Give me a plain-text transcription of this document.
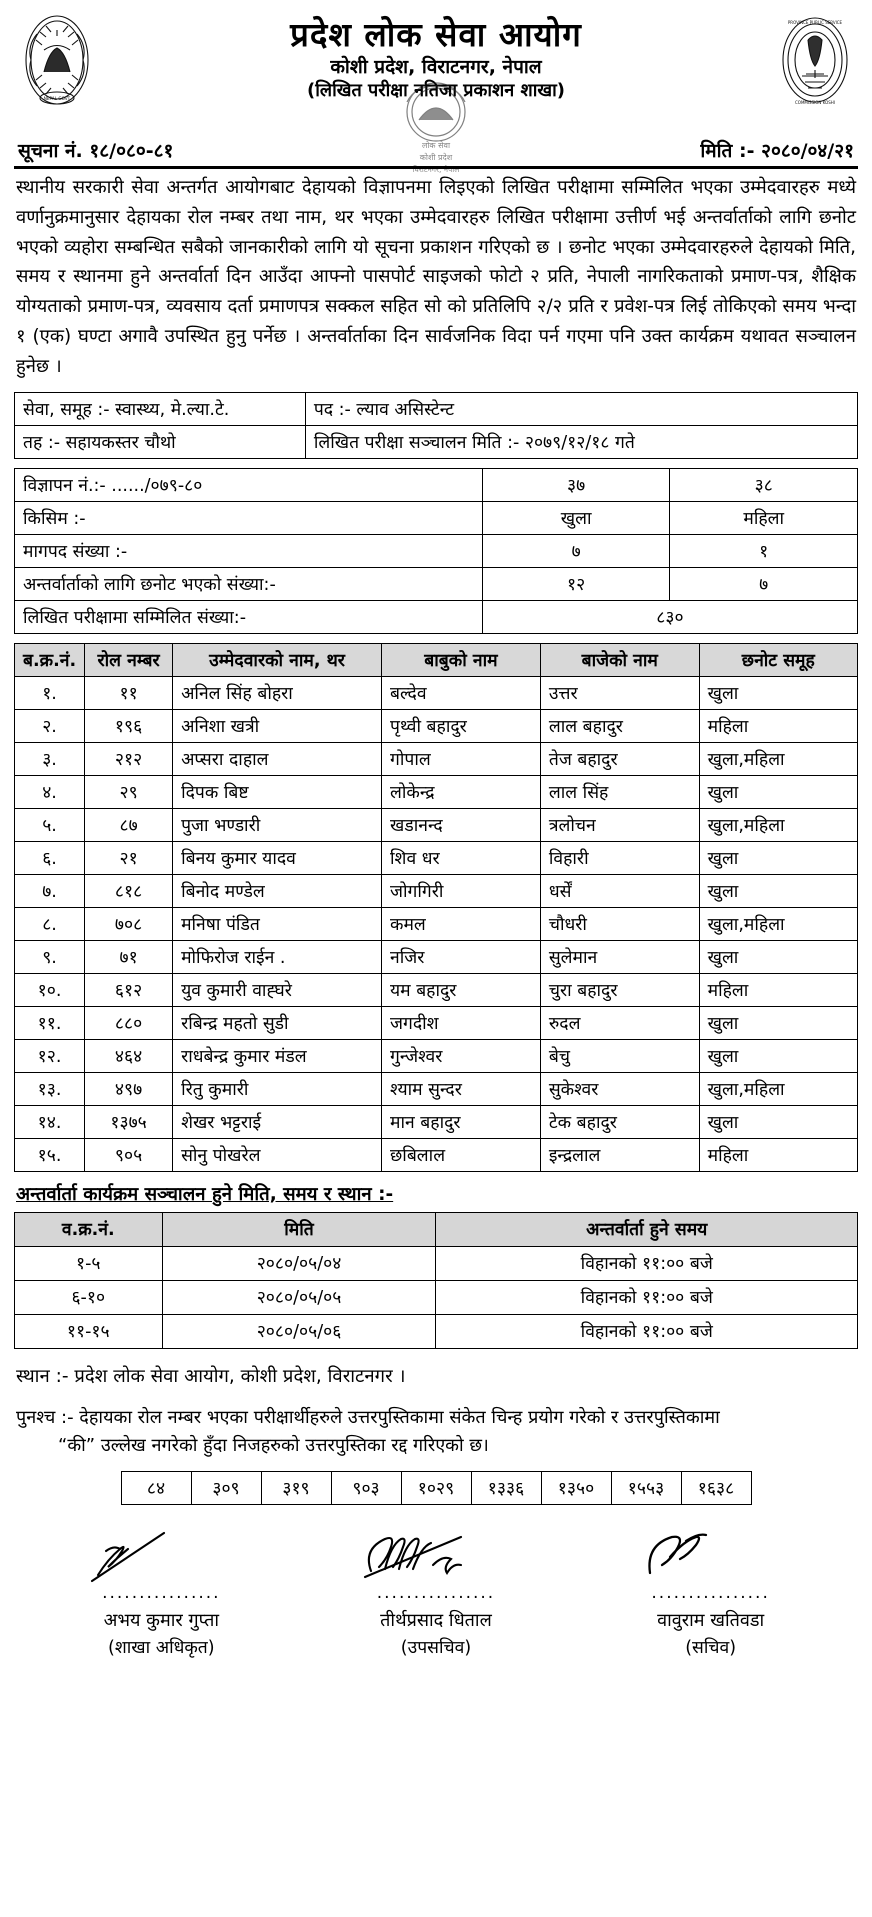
NEPAL GOVT
लोक सेवा
कोशी प्रदेश
विराटनगर, नेपाल
प्रदेश लोक सेवा आयोग
कोशी प्रदेश, विराटनगर, नेपाल
(लिखित परीक्षा नतिजा प्रकाशन शाखा)
PROVINCE PUBLIC SERVICE
COMMISSION KOSHI
सूचना नं. १८/०८०-८१	मिति :- २०८०/०४/२१
स्थानीय सरकारी सेवा अन्तर्गत आयोगबाट देहायको विज्ञापनमा लिइएको लिखित परीक्षामा सम्मिलित भएका उम्मेदवारहरु मध्ये वर्णानुक्रमानुसार देहायका रोल नम्बर तथा नाम, थर भएका उम्मेदवारहरु लिखित परीक्षामा उत्तीर्ण भई अन्तर्वार्ताको लागि छनोट भएको व्यहोरा सम्बन्धित सबैको जानकारीको लागि यो सूचना प्रकाशन गरिएको छ । छनोट भएका उम्मेदवारहरुले देहायको मिति, समय र स्थानमा हुने अन्तर्वार्ता दिन आउँदा आफ्नो पासपोर्ट साइजको फोटो २ प्रति, नेपाली नागरिकताको प्रमाण-पत्र, शैक्षिक योग्यताको प्रमाण-पत्र, व्यवसाय दर्ता प्रमाणपत्र सक्कल सहित सो को प्रतिलिपि २/२ प्रति र प्रवेश-पत्र लिई तोकिएको समय भन्दा १ (एक) घण्टा अगावै उपस्थित हुनु पर्नेछ । अन्तर्वार्ताका दिन सार्वजनिक विदा पर्न गएमा पनि उक्त कार्यक्रम यथावत सञ्चालन हुनेछ ।
सेवा, समूह :- स्वास्थ्य, मे.ल्या.टे.	पद :- ल्याव असिस्टेन्ट
तह :- सहायकस्तर चौथो	लिखित परीक्षा सञ्चालन मिति :- २०७९/१२/१८ गते
विज्ञापन नं.:- ....../०७९-८०	३७	३८
किसिम :-	खुला	महिला
मागपद संख्या :-	७	१
अन्तर्वार्ताको लागि छनोट भएको संख्या:-	१२	७
लिखित परीक्षामा सम्मिलित संख्या:-	८३०	
ब.क्र.नं.	रोल नम्बर	उम्मेदवारको नाम, थर	बाबुको नाम	बाजेको नाम	छनोट समूह
१.	११	अनिल सिंह बोहरा	बल्देव	उत्तर	खुला
२.	१९६	अनिशा खत्री	पृथ्वी बहादुर	लाल बहादुर	महिला
३.	२१२	अप्सरा दाहाल	गोपाल	तेज बहादुर	खुला,महिला
४.	२९	दिपक बिष्ट	लोकेन्द्र	लाल सिंह	खुला
५.	८७	पुजा भण्डारी	खडानन्द	त्रलोचन	खुला,महिला
६.	२१	बिनय कुमार यादव	शिव धर	विहारी	खुला
७.	८१८	बिनोद मण्डेल	जोगगिरी	धर्सें	खुला
८.	७०८	मनिषा पंडित	कमल	चौधरी	खुला,महिला
९.	७१	मोफिरोज राईन .	नजिर	सुलेमान	खुला
१०.	६१२	युव कुमारी वाह्घरे	यम बहादुर	चुरा बहादुर	महिला
११.	८८०	रबिन्द्र महतो सुडी	जगदीश	रुदल	खुला
१२.	४६४	राधबेन्द्र कुमार मंडल	गुन्जेश्वर	बेचु	खुला
१३.	४९७	रितु कुमारी	श्याम सुन्दर	सुकेश्वर	खुला,महिला
१४.	१३७५	शेखर भट्टराई	मान बहादुर	टेक बहादुर	खुला
१५.	९०५	सोनु पोखरेल	छबिलाल	इन्द्रलाल	महिला
अन्तर्वार्ता कार्यक्रम सञ्चालन हुने मिति, समय र स्थान :-
व.क्र.नं.	मिति	अन्तर्वार्ता हुने समय
१-५	२०८०/०५/०४	विहानको ११:०० बजे
६-१०	२०८०/०५/०५	विहानको ११:०० बजे
११-१५	२०८०/०५/०६	विहानको ११:०० बजे
स्थान :- प्रदेश लोक सेवा आयोग, कोशी प्रदेश, विराटनगर ।
पुनश्च :- देहायका रोल नम्बर भएका परीक्षार्थीहरुले उत्तरपुस्तिकामा संकेत चिन्ह प्रयोग गरेको र उत्तरपुस्तिकामा
“की” उल्लेख नगरेको हुँदा निजहरुको उत्तरपुस्तिका रद्द गरिएको छ।
८४	३०९	३१९	९०३	१०२९	१३३६	१३५०	१५५३	१६३८
................
अभय कुमार गुप्ता
(शाखा अधिकृत)
................
तीर्थप्रसाद धिताल
(उपसचिव)
................
वावुराम खतिवडा
(सचिव)
